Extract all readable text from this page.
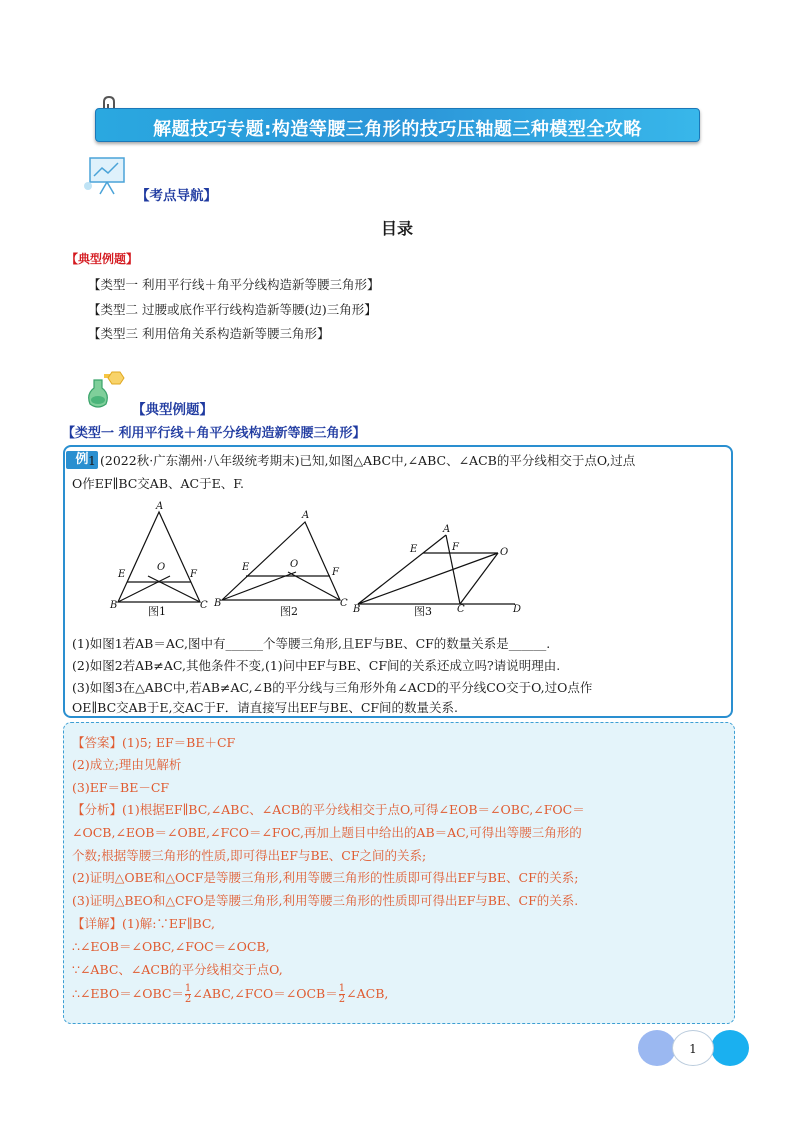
解题技巧专题:构造等腰三角形的技巧压轴题三种模型全攻略
【考点导航】
目录
【典型例题】
【类型一 利用平行线＋角平分线构造新等腰三角形】
【类型二 过腰或底作平行线构造新等腰(边)三角形】
【类型三 利用倍角关系构造新等腰三角形】
【典型例题】
【类型一 利用平行线＋角平分线构造新等腰三角形】
例 1 (2022秋·广东潮州·八年级统考期末)已知,如图△ABC中,∠ABC、∠ACB的平分线相交于点O,过点
O作EF∥BC交AB、AC于E、F.
A
E
O
F
B	C
A
E	O
F
B	C
A
E	F	O
B	C	D
图1	图2	图3
(1)如图1若AB＝AC,图中有______个等腰三角形,且EF与BE、CF的数量关系是______.
(2)如图2若AB≠AC,其他条件不变,(1)问中EF与BE、CF间的关系还成立吗?请说明理由.
(3)如图3在△ABC中,若AB≠AC,∠B的平分线与三角形外角∠ACD的平分线CO交于O,过O点作
OE∥BC交AB于E,交AC于F．请直接写出EF与BE、CF间的数量关系.
【答案】(1)5; EF＝BE＋CF
(2)成立;理由见解析
(3)EF＝BE－CF
【分析】(1)根据EF∥BC,∠ABC、∠ACB的平分线相交于点O,可得∠EOB＝∠OBC,∠FOC＝
∠OCB,∠EOB＝∠OBE,∠FCO＝∠FOC,再加上题目中给出的AB＝AC,可得出等腰三角形的
个数;根据等腰三角形的性质,即可得出EF与BE、CF之间的关系;
(2)证明△OBE和△OCF是等腰三角形,利用等腰三角形的性质即可得出EF与BE、CF的关系;
(3)证明△BEO和△CFO是等腰三角形,利用等腰三角形的性质即可得出EF与BE、CF的关系.
【详解】(1)解:∵EF∥BC,
∴∠EOB＝∠OBC,∠FOC＝∠OCB,
∵∠ABC、∠ACB的平分线相交于点O,
∴∠EBO＝∠OBC＝ $\frac{1}{2}$ ∠ABC,∠FCO＝∠OCB＝ $\frac{1}{2}$ ∠ACB,
1
